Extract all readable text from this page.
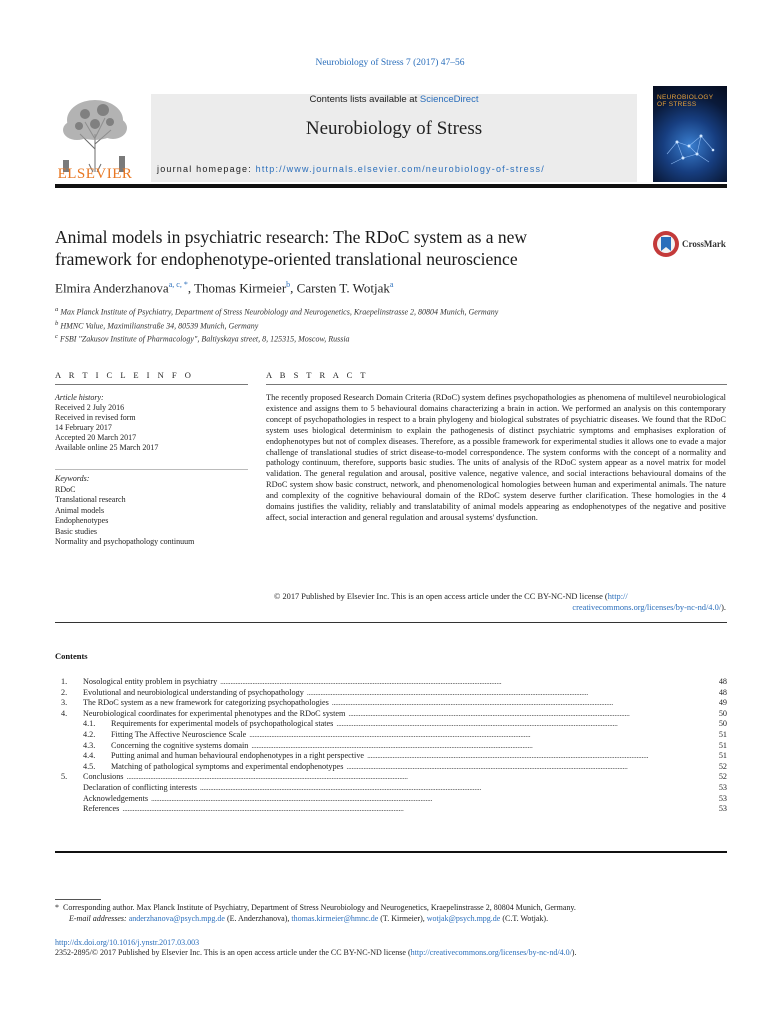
Neurobiology of Stress 7 (2017) 47–56
ELSEVIER
Contents lists available at ScienceDirect
Neurobiology of Stress
journal homepage: http://www.journals.elsevier.com/neurobiology-of-stress/
NEUROBIOLOGY OF STRESS
Animal models in psychiatric research: The RDoC system as a new
framework for endophenotype-oriented translational neuroscience
CrossMark
Elmira Anderzhanova$^{a, c, *}$, Thomas Kirmeier$^b$, Carsten T. Wotjak$^a$
$^a$ Max Planck Institute of Psychiatry, Department of Stress Neurobiology and Neurogenetics, Kraepelinstrasse 2, 80804 Munich, Germany
$^b$ HMNC Value, Maximilianstraße 34, 80539 Munich, Germany
$^c$ FSBI "Zakusov Institute of Pharmacology", Baltiyskaya street, 8, 125315, Moscow, Russia
A R T I C L E I N F O	A B S T R A C T
Article history:
Received 2 July 2016
Received in revised form
14 February 2017
Accepted 20 March 2017
Available online 25 March 2017
Keywords:
RDoC
Translational research
Animal models
Endophenotypes
Basic studies
Normality and psychopathology continuum
The recently proposed Research Domain Criteria (RDoC) system defines psychopathologies as phenomena of multilevel neurobiological existence and assigns them to 5 behavioural domains characterizing a brain in action. We performed an analysis on this contemporary concept of psychopathologies in respect to a brain phylogeny and biological substrates of psychiatric diseases. We found that the RDoC system uses biological determinism to explain the pathogenesis of distinct psychiatric symptoms and emphasises exploration of endophenotypes but not of complex diseases. Therefore, as a possible framework for experimental studies it allows one to evade a major challenge of translational studies of strict disease-to-model correspondence. The system conforms with the concept of a normality and pathology continuum, therefore, supports basic studies. The units of analysis of the RDoC system appear as a novel matrix for model validation. The general regulation and arousal, positive valence, negative valence, and social interactions behavioural domains of the RDoC system show basic construct, network, and phenomenological homologies between human and experimental animals. The nature and complexity of the cognitive behavioural domain of the RDoC system deserve further clarification. These homologies in the 4 domains justifies the validity, reliably and translatability of animal models appearing as endophenotypes of the negative and positive affect, social interaction and general regulation and arousal systems' dysfunction.
© 2017 Published by Elsevier Inc. This is an open access article under the CC BY-NC-ND license (http://
creativecommons.org/licenses/by-nc-nd/4.0/).
Contents
1.	Nosological entity problem in psychiatry . . .	48
2.	Evolutional and neurobiological understanding of psychopathology . . .	48
3.	The RDoC system as a new framework for categorizing psychopathologies . . .	49
4.	Neurobiological coordinates for experimental phenotypes and the RDoC system . . .	50
4.1.	Requirements for experimental models of psychopathological states . . .	50
4.2.	Fitting The Affective Neuroscience Scale . . .	51
4.3.	Concerning the cognitive systems domain . . .	51
4.4.	Putting animal and human behavioural endophenotypes in a right perspective . . .	51
4.5.	Matching of pathological symptoms and experimental endophenotypes . . .	52
5.	Conclusions . . .	52
Declaration of conflicting interests . . .	53
Acknowledgements . . .	53
References . . .	53
* Corresponding author. Max Planck Institute of Psychiatry, Department of Stress Neurobiology and Neurogenetics, Kraepelinstrasse 2, 80804 Munich, Germany.
E-mail addresses: anderzhanova@psych.mpg.de (E. Anderzhanova), thomas.kirmeier@hmnc.de (T. Kirmeier), wotjak@psych.mpg.de (C.T. Wotjak).
http://dx.doi.org/10.1016/j.ynstr.2017.03.003
2352-2895/© 2017 Published by Elsevier Inc. This is an open access article under the CC BY-NC-ND license (http://creativecommons.org/licenses/by-nc-nd/4.0/).
